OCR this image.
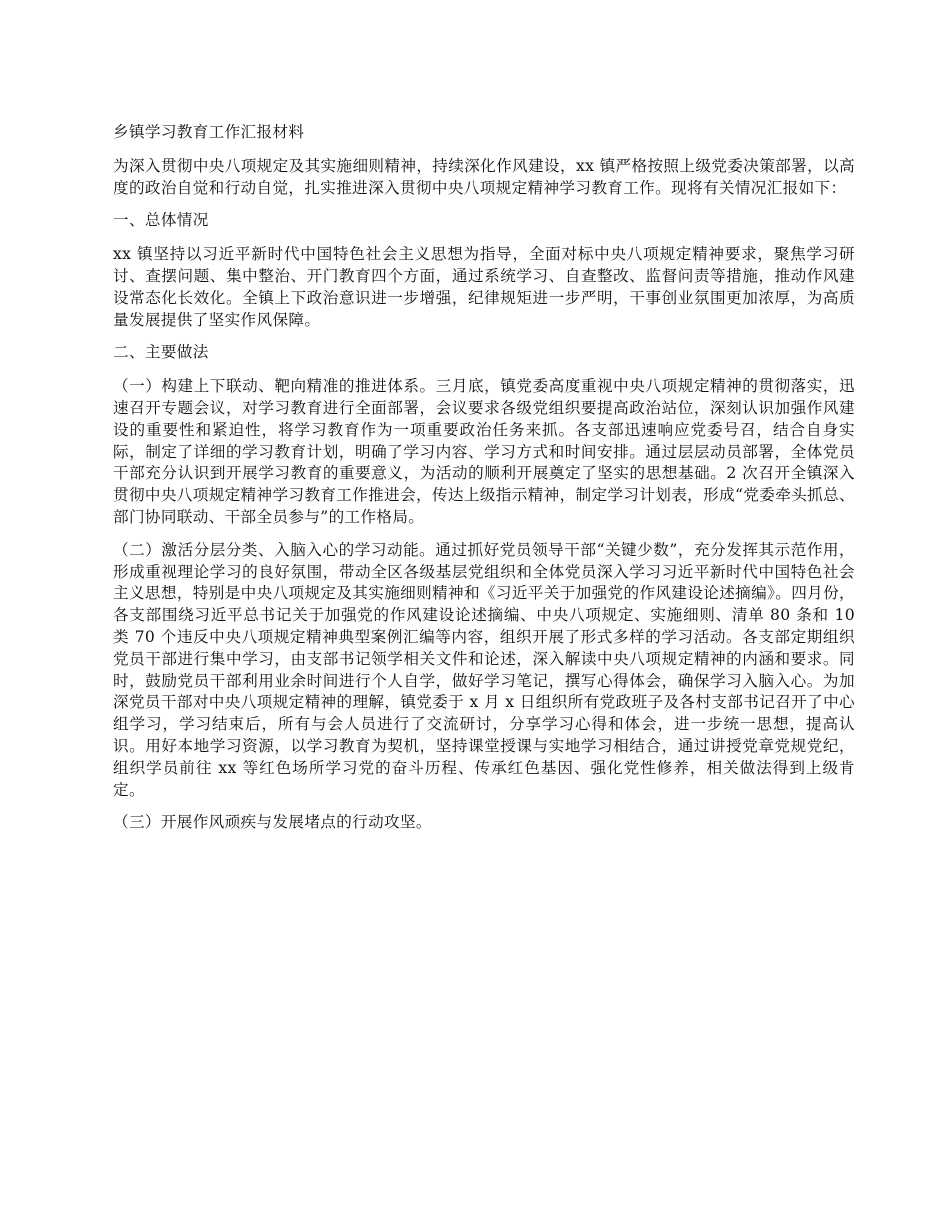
乡镇学习教育工作汇报材料

为深入贯彻中央八项规定及其实施细则精神，持续深化作风建设，xx 镇严格按照上级党委决策部署，以高度的政治自觉和行动自觉，扎实推进深入贯彻中央八项规定精神学习教育工作。现将有关情况汇报如下：

一、总体情况

xx 镇坚持以习近平新时代中国特色社会主义思想为指导，全面对标中央八项规定精神要求，聚焦学习研讨、查摆问题、集中整治、开门教育四个方面，通过系统学习、自查整改、监督问责等措施，推动作风建设常态化长效化。全镇上下政治意识进一步增强，纪律规矩进一步严明，干事创业氛围更加浓厚，为高质量发展提供了坚实作风保障。

二、主要做法

（一）构建上下联动、靶向精准的推进体系。三月底，镇党委高度重视中央八项规定精神的贯彻落实，迅速召开专题会议，对学习教育进行全面部署，会议要求各级党组织要提高政治站位，深刻认识加强作风建设的重要性和紧迫性，将学习教育作为一项重要政治任务来抓。各支部迅速响应党委号召，结合自身实际，制定了详细的学习教育计划，明确了学习内容、学习方式和时间安排。通过层层动员部署，全体党员干部充分认识到开展学习教育的重要意义，为活动的顺利开展奠定了坚实的思想基础。2 次召开全镇深入贯彻中央八项规定精神学习教育工作推进会，传达上级指示精神，制定学习计划表，形成“党委牵头抓总、部门协同联动、干部全员参与”的工作格局。

（二）激活分层分类、入脑入心的学习动能。通过抓好党员领导干部“关键少数”，充分发挥其示范作用，形成重视理论学习的良好氛围，带动全区各级基层党组织和全体党员深入学习习近平新时代中国特色社会主义思想，特别是中央八项规定及其实施细则精神和《习近平关于加强党的作风建设论述摘编》。四月份，各支部围绕习近平总书记关于加强党的作风建设论述摘编、中央八项规定、实施细则、清单 80 条和 10 类 70 个违反中央八项规定精神典型案例汇编等内容，组织开展了形式多样的学习活动。各支部定期组织党员干部进行集中学习，由支部书记领学相关文件和论述，深入解读中央八项规定精神的内涵和要求。同时，鼓励党员干部利用业余时间进行个人自学，做好学习笔记，撰写心得体会，确保学习入脑入心。为加深党员干部对中央八项规定精神的理解，镇党委于 x 月 x 日组织所有党政班子及各村支部书记召开了中心组学习，学习结束后，所有与会人员进行了交流研讨，分享学习心得和体会，进一步统一思想，提高认识。用好本地学习资源，以学习教育为契机，坚持课堂授课与实地学习相结合，通过讲授党章党规党纪，组织学员前往 xx 等红色场所学习党的奋斗历程、传承红色基因、强化党性修养，相关做法得到上级肯定。

（三）开展作风顽疾与发展堵点的行动攻坚。
